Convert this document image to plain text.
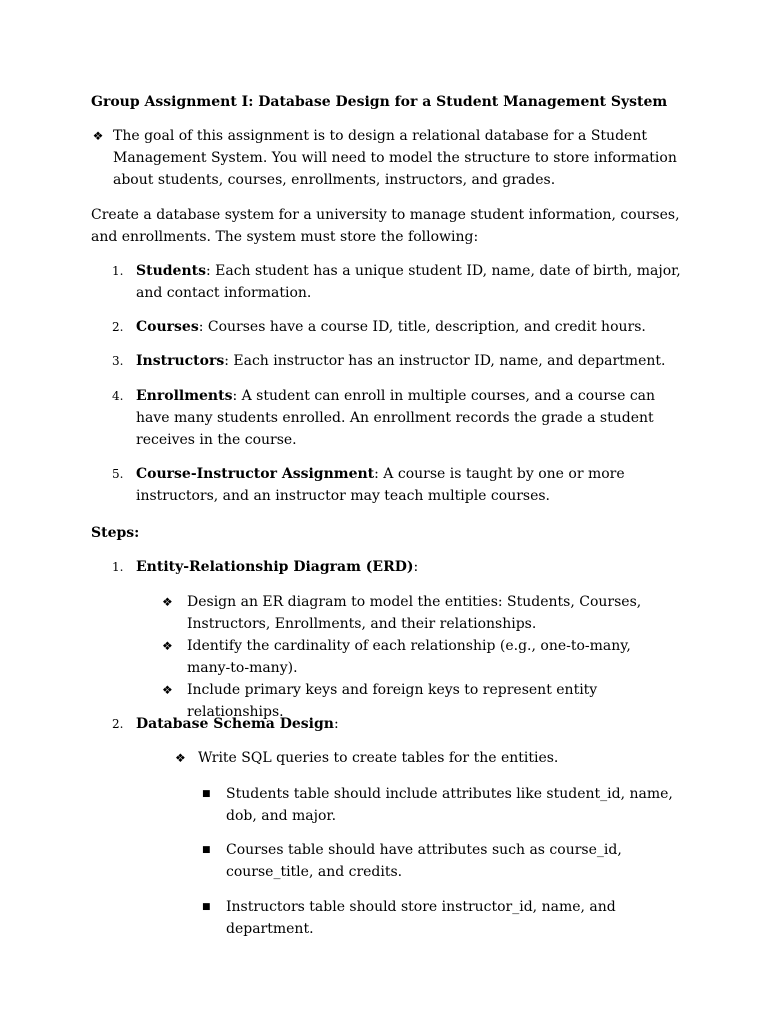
Group Assignment I: Database Design for a Student Management System

❖ The goal of this assignment is to design a relational database for a Student Management System. You will need to model the structure to store information about students, courses, enrollments, instructors, and grades.

Create a database system for a university to manage student information, courses, and enrollments. The system must store the following:

1. Students: Each student has a unique student ID, name, date of birth, major, and contact information.
2. Courses: Courses have a course ID, title, description, and credit hours.
3. Instructors: Each instructor has an instructor ID, name, and department.
4. Enrollments: A student can enroll in multiple courses, and a course can have many students enrolled. An enrollment records the grade a student receives in the course.
5. Course-Instructor Assignment: A course is taught by one or more instructors, and an instructor may teach multiple courses.

Steps:

1. Entity-Relationship Diagram (ERD):
❖ Design an ER diagram to model the entities: Students, Courses, Instructors, Enrollments, and their relationships.
❖ Identify the cardinality of each relationship (e.g., one-to-many, many-to-many).
❖ Include primary keys and foreign keys to represent entity relationships.
2. Database Schema Design:
❖ Write SQL queries to create tables for the entities.
■ Students table should include attributes like student_id, name, dob, and major.
■ Courses table should have attributes such as course_id, course_title, and credits.
■ Instructors table should store instructor_id, name, and department.
